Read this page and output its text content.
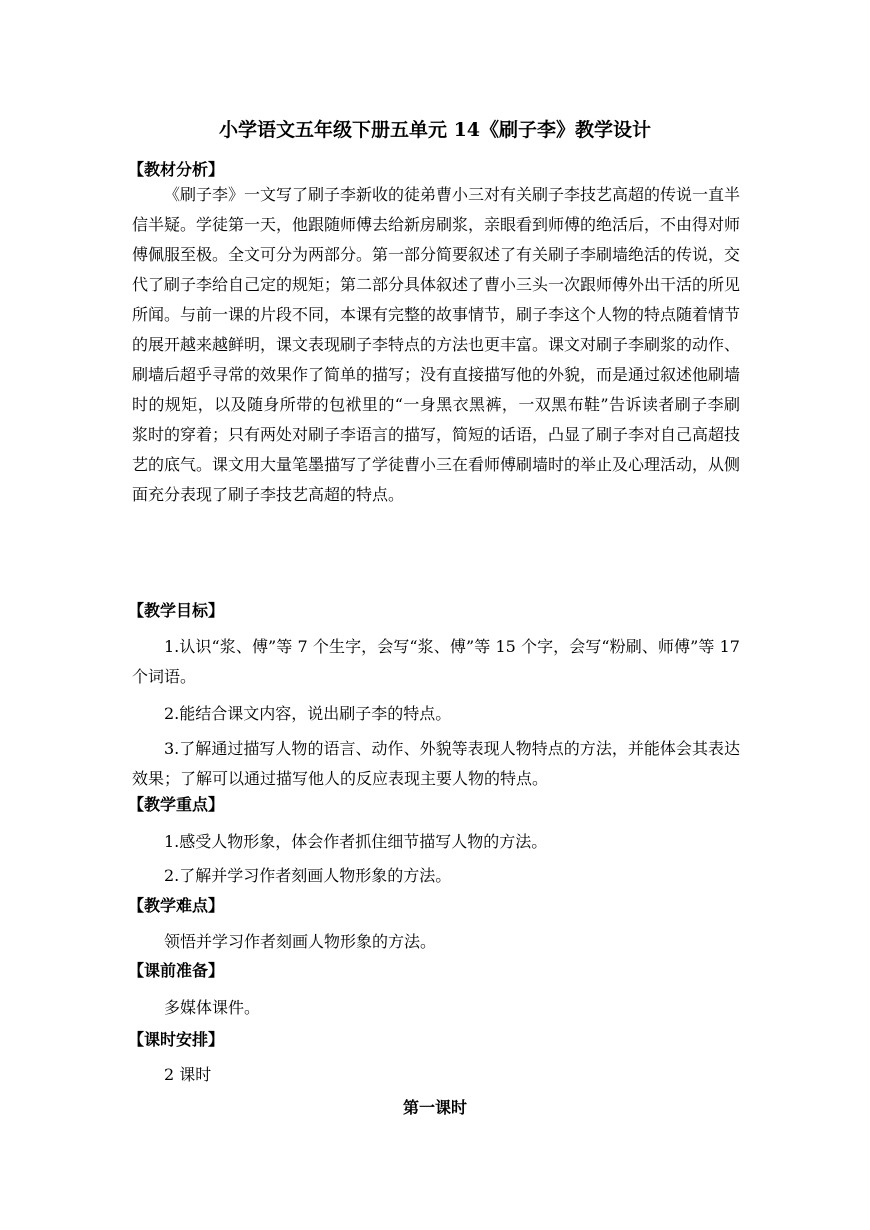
小学语文五年级下册五单元 14《刷子李》教学设计
【教材分析】
《刷子李》一文写了刷子李新收的徒弟曹小三对有关刷子李技艺高超的传说一直半信半疑。学徒第一天，他跟随师傅去给新房刷浆，亲眼看到师傅的绝活后，不由得对师傅佩服至极。全文可分为两部分。第一部分简要叙述了有关刷子李刷墙绝活的传说，交代了刷子李给自己定的规矩；第二部分具体叙述了曹小三头一次跟师傅外出干活的所见所闻。与前一课的片段不同，本课有完整的故事情节，刷子李这个人物的特点随着情节的展开越来越鲜明，课文表现刷子李特点的方法也更丰富。课文对刷子李刷浆的动作、刷墙后超乎寻常的效果作了简单的描写；没有直接描写他的外貌，而是通过叙述他刷墙时的规矩，以及随身所带的包袱里的“一身黑衣黑裤，一双黑布鞋”告诉读者刷子李刷浆时的穿着；只有两处对刷子李语言的描写，简短的话语，凸显了刷子李对自己高超技艺的底气。课文用大量笔墨描写了学徒曹小三在看师傅刷墙时的举止及心理活动，从侧面充分表现了刷子李技艺高超的特点。
【教学目标】
1.认识“浆、傅”等 7 个生字，会写“浆、傅”等 15 个字，会写“粉刷、师傅”等 17 个词语。
2.能结合课文内容，说出刷子李的特点。
3.了解通过描写人物的语言、动作、外貌等表现人物特点的方法，并能体会其表达效果；了解可以通过描写他人的反应表现主要人物的特点。
【教学重点】
1.感受人物形象，体会作者抓住细节描写人物的方法。
2.了解并学习作者刻画人物形象的方法。
【教学难点】
领悟并学习作者刻画人物形象的方法。
【课前准备】
多媒体课件。
【课时安排】
2 课时
第一课时
